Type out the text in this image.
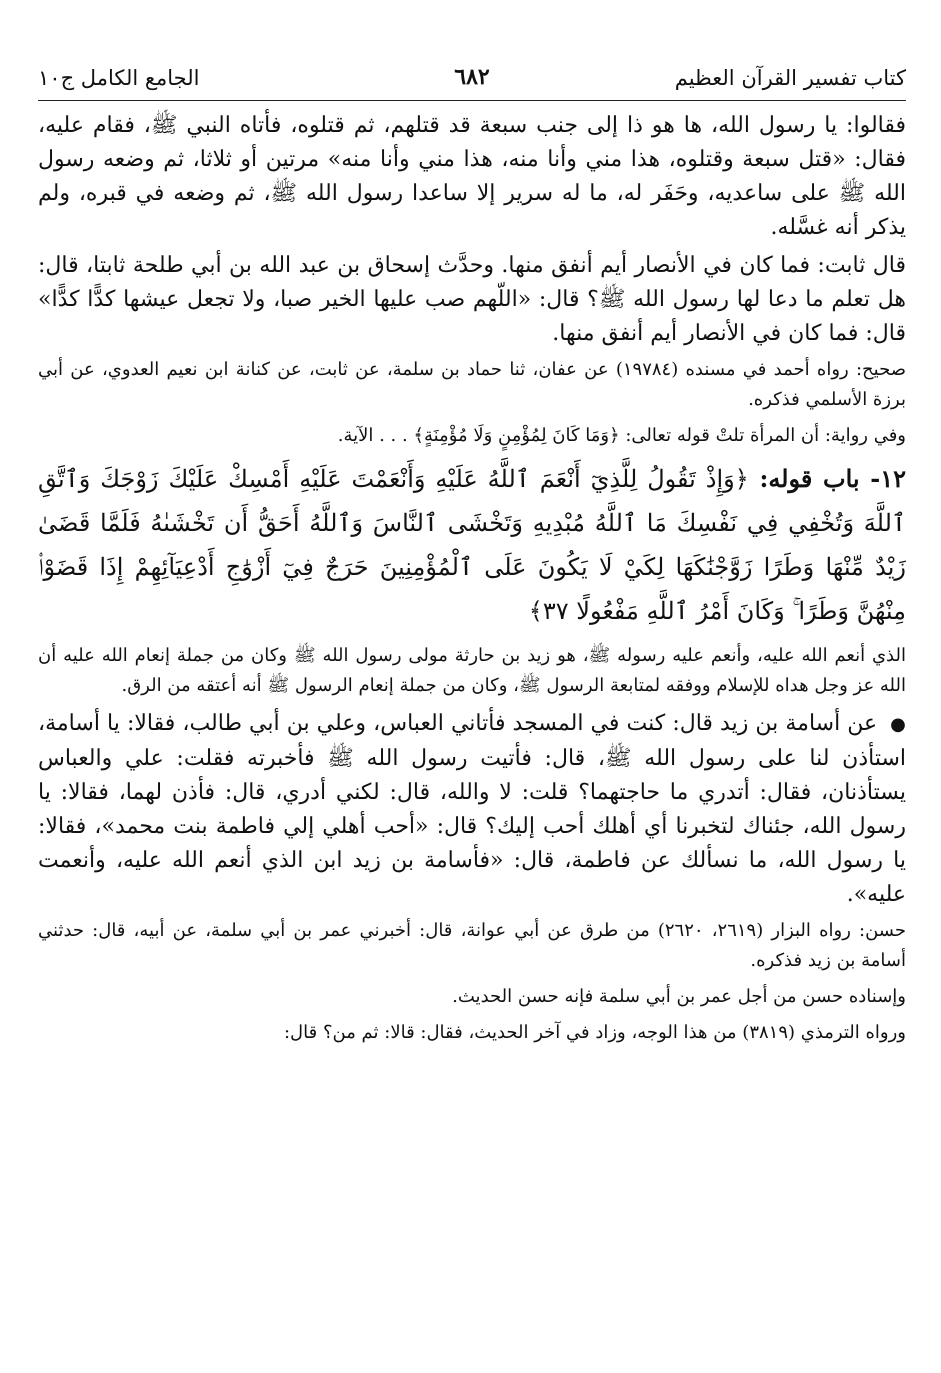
كتاب تفسير القرآن العظيم
٦٨٢
الجامع الكامل ج١٠

فقالوا: يا رسول الله، ها هو ذا إلى جنب سبعة قد قتلهم، ثم قتلوه، فأتاه النبي ﷺ، فقام عليه، فقال: «قتل سبعة وقتلوه، هذا مني وأنا منه، هذا مني وأنا منه» مرتين أو ثلاثا، ثم وضعه رسول الله ﷺ على ساعديه، وحَفَر له، ما له سرير إلا ساعدا رسول الله ﷺ، ثم وضعه في قبره، ولم يذكر أنه غسَّله.

قال ثابت: فما كان في الأنصار أيم أنفق منها. وحدَّث إسحاق بن عبد الله بن أبي طلحة ثابتا، قال: هل تعلم ما دعا لها رسول الله ﷺ؟ قال: «اللّهم صب عليها الخير صبا، ولا تجعل عيشها كدًّا كدًّا» قال: فما كان في الأنصار أيم أنفق منها.

صحيح: رواه أحمد في مسنده (١٩٧٨٤) عن عفان، ثنا حماد بن سلمة، عن ثابت، عن كنانة ابن نعيم العدوي، عن أبي برزة الأسلمي فذكره.

وفي رواية: أن المرأة تلتْ قوله تعالى: ﴿وَمَا كَانَ لِمُؤْمِنٍ وَلَا مُؤْمِنَةٍ﴾ . . . الآية.

١٢- باب قوله: ﴿وَإِذْ تَقُولُ لِلَّذِيٓ أَنْعَمَ ٱللَّهُ عَلَيْهِ وَأَنْعَمْتَ عَلَيْهِ أَمْسِكْ عَلَيْكَ زَوْجَكَ وَٱتَّقِ ٱللَّهَ وَتُخْفِي فِي نَفْسِكَ مَا ٱللَّهُ مُبْدِيهِ وَتَخْشَى ٱلنَّاسَ وَٱللَّهُ أَحَقُّ أَن تَخْشَىٰهُ فَلَمَّا قَضَىٰ زَيْدٌ مِّنْهَا وَطَرًا زَوَّجْنَٰكَهَا لِكَيْ لَا يَكُونَ عَلَى ٱلْمُؤْمِنِينَ حَرَجٌ فِيٓ أَزْوَٰجِ أَدْعِيَآئِهِمْ إِذَا قَضَوْا۟ مِنْهُنَّ وَطَرًا ۚ وَكَانَ أَمْرُ ٱللَّهِ مَفْعُولًا ٣٧﴾

الذي أنعم الله عليه، وأنعم عليه رسوله ﷺ، هو زيد بن حارثة مولى رسول الله ﷺ وكان من جملة إنعام الله عليه أن الله عز وجل هداه للإسلام ووفقه لمتابعة الرسول ﷺ، وكان من جملة إنعام الرسول ﷺ أنه أعتقه من الرق.

● عن أسامة بن زيد قال: كنت في المسجد فأتاني العباس، وعلي بن أبي طالب، فقالا: يا أسامة، استأذن لنا على رسول الله ﷺ، قال: فأتيت رسول الله ﷺ فأخبرته فقلت: علي والعباس يستأذنان، فقال: أتدري ما حاجتهما؟ قلت: لا والله، قال: لكني أدري، قال: فأذن لهما، فقالا: يا رسول الله، جئناك لتخبرنا أي أهلك أحب إليك؟ قال: «أحب أهلي إلي فاطمة بنت محمد»، فقالا: يا رسول الله، ما نسألك عن فاطمة، قال: «فأسامة بن زيد ابن الذي أنعم الله عليه، وأنعمت عليه».

حسن: رواه البزار (٢٦١٩، ٢٦٢٠) من طرق عن أبي عوانة، قال: أخبرني عمر بن أبي سلمة، عن أبيه، قال: حدثني أسامة بن زيد فذكره.

وإسناده حسن من أجل عمر بن أبي سلمة فإنه حسن الحديث.

ورواه الترمذي (٣٨١٩) من هذا الوجه، وزاد في آخر الحديث، فقال: قالا: ثم من؟ قال:
